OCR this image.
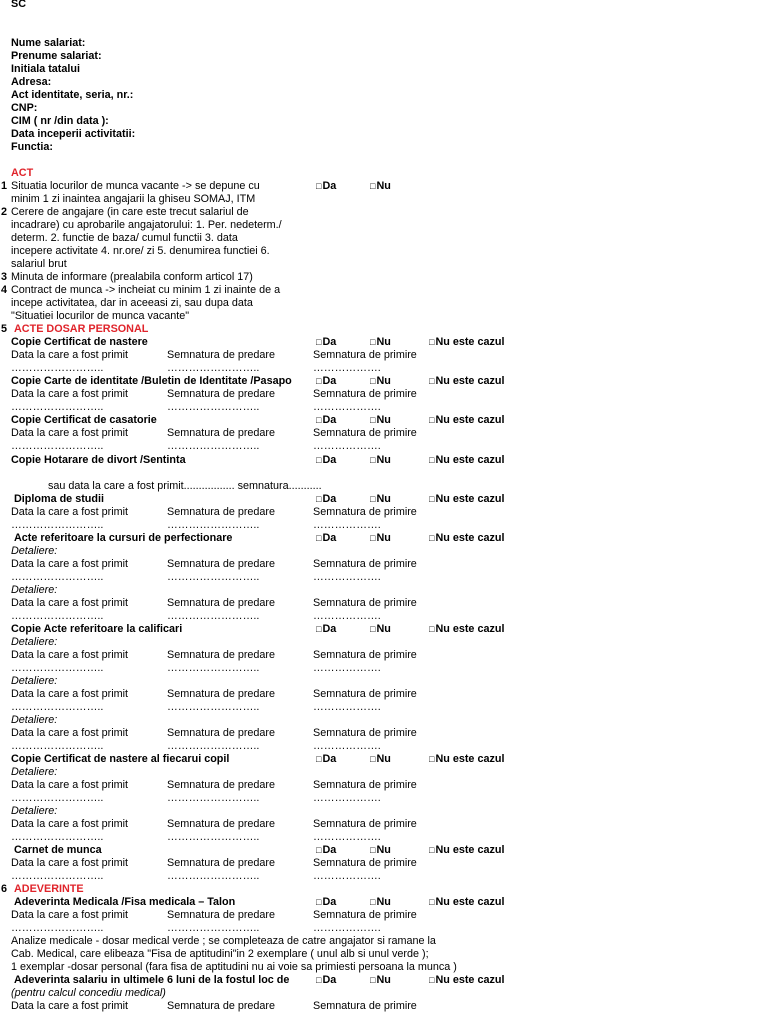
SC
Nume salariat:
Prenume salariat:
Initiala tatalui
Adresa:
Act identitate, seria, nr.:
CNP:
CIM ( nr /din data ):
Data inceperii activitatii:
Functia:
ACT
1 Situatia locurilor de munca vacante -> se depune cu
minim 1 zi inaintea angajarii la ghiseu SOMAJ, ITM
□Da	□Nu
2 Cerere de angajare (in care este trecut salariul de
incadrare) cu aprobarile angajatorului: 1. Per. nedeterm./
determ. 2. functie de baza/ cumul functii 3. data
incepere activitate 4. nr.ore/ zi 5. denumirea functiei 6.
salariul brut
3 Minuta de informare (prealabila conform articol 17)
4 Contract de munca -> incheiat cu minim 1 zi inainte de a
incepe activitatea, dar in aceeasi zi, sau dupa data
"Situatiei locurilor de munca vacante"
5 ACTE DOSAR PERSONAL
Copie Certificat de nastere	□Da	□Nu	□Nu este cazul
Data la care a fost primit	Semnatura de predare	Semnatura de primire
……………………..	……………………..	……………….
Copie Carte de identitate /Buletin de Identitate /Pasapo	□Da	□Nu	□Nu este cazul
Data la care a fost primit	Semnatura de predare	Semnatura de primire
……………………..	……………………..	……………….
Copie Certificat de casatorie	□Da	□Nu	□Nu este cazul
Data la care a fost primit	Semnatura de predare	Semnatura de primire
……………………..	……………………..	……………….
Copie Hotarare de divort /Sentinta	□Da	□Nu	□Nu este cazul
sau data la care a fost primit................. semnatura...........
Diploma de studii	□Da	□Nu	□Nu este cazul
Data la care a fost primit	Semnatura de predare	Semnatura de primire
……………………..	……………………..	……………….
Acte referitoare la cursuri de perfectionare	□Da	□Nu	□Nu este cazul
Detaliere:
Data la care a fost primit	Semnatura de predare	Semnatura de primire
……………………..	……………………..	……………….
Detaliere:
Data la care a fost primit	Semnatura de predare	Semnatura de primire
……………………..	……………………..	……………….
Copie Acte referitoare la calificari	□Da	□Nu	□Nu este cazul
Detaliere:
Data la care a fost primit	Semnatura de predare	Semnatura de primire
……………………..	……………………..	……………….
Detaliere:
Data la care a fost primit	Semnatura de predare	Semnatura de primire
……………………..	……………………..	……………….
Detaliere:
Data la care a fost primit	Semnatura de predare	Semnatura de primire
……………………..	……………………..	……………….
Copie Certificat de nastere al fiecarui copil	□Da	□Nu	□Nu este cazul
Detaliere:
Data la care a fost primit	Semnatura de predare	Semnatura de primire
……………………..	……………………..	……………….
Detaliere:
Data la care a fost primit	Semnatura de predare	Semnatura de primire
……………………..	……………………..	……………….
Carnet de munca	□Da	□Nu	□Nu este cazul
Data la care a fost primit	Semnatura de predare	Semnatura de primire
……………………..	……………………..	……………….
6 ADEVERINTE
Adeverinta Medicala /Fisa medicala – Talon	□Da	□Nu	□Nu este cazul
Data la care a fost primit	Semnatura de predare	Semnatura de primire
……………………..	……………………..	……………….
Analize medicale - dosar medical verde ; se completeaza de catre angajator si ramane la
Cab. Medical, care elibeaza "Fisa de aptitudini"in 2 exemplare ( unul alb si unul verde );
1 exemplar -dosar personal (fara fisa de aptitudini nu ai voie sa primiesti persoana la munca )
Adeverinta salariu in ultimele 6 luni de la fostul loc de	□Da	□Nu	□Nu este cazul
(pentru calcul concediu medical)
Data la care a fost primit	Semnatura de predare	Semnatura de primire
